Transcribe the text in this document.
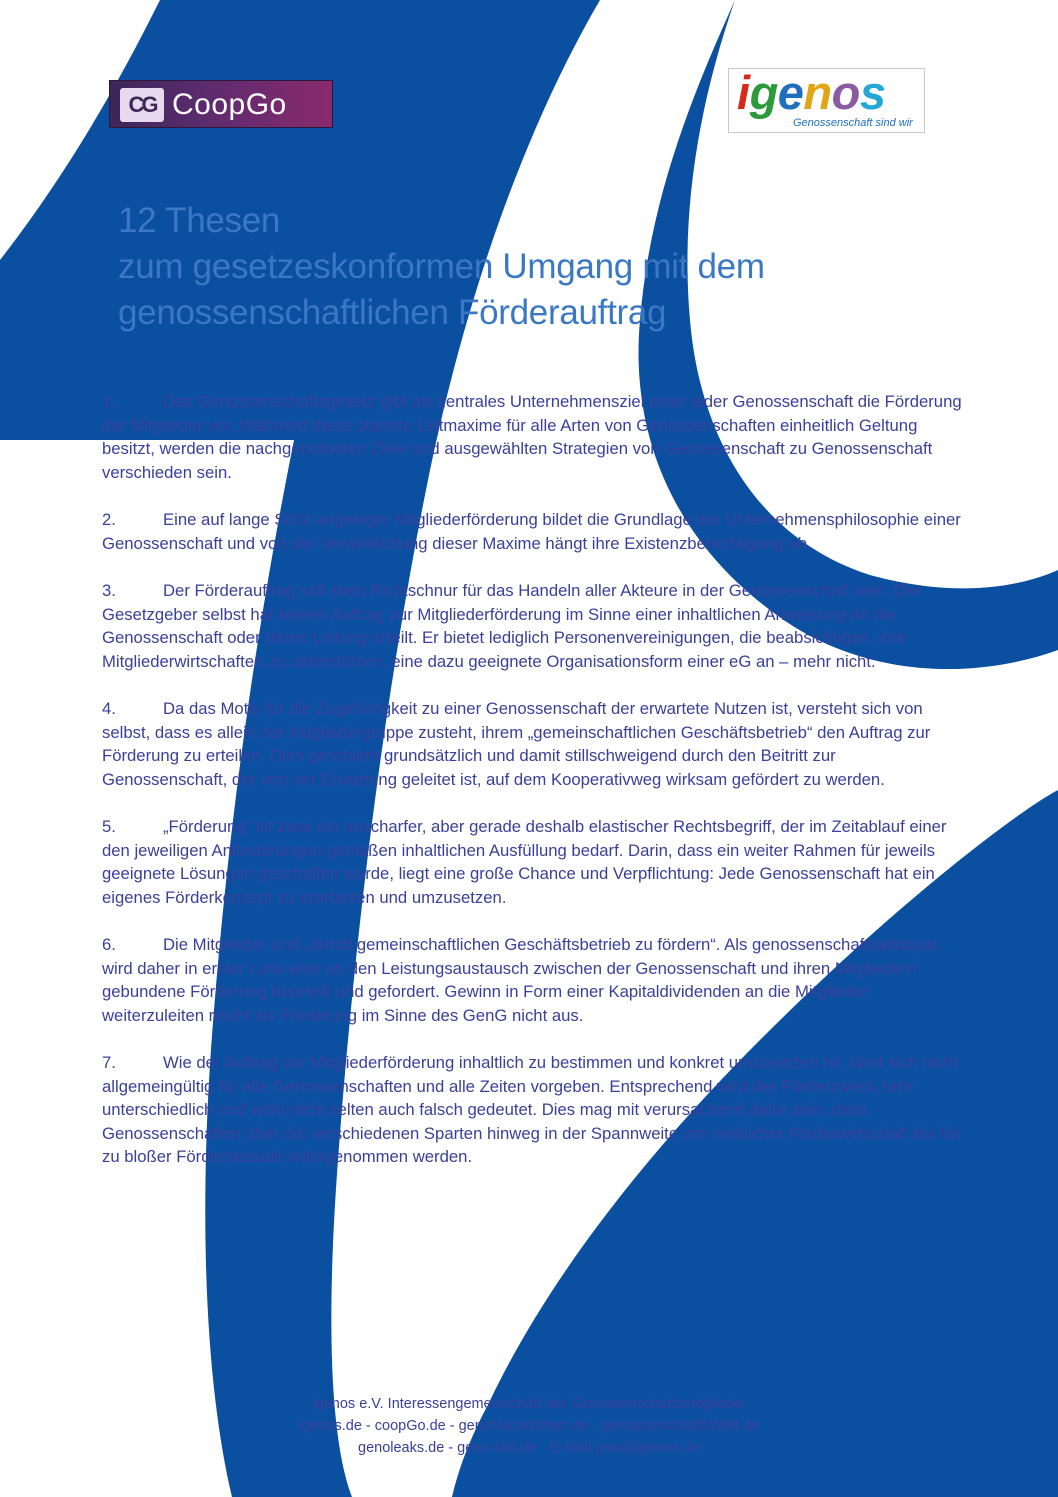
CG CoopGo	igenos
Genossenschaft sind wir
12 Thesen
zum gesetzeskonformen Umgang mit dem
genossenschaftlichen Förderauftrag
1.	Das Genossenschaftsgesetz gibt als zentrales Unternehmensziel einer jeder Genossenschaft die Förderung der Mitglieder vor. Während diese oberste Leitmaxime für alle Arten von Genossenschaften einheitlich Geltung besitzt, werden die nachgeordneten Ziele und ausgewählten Strategien von Genossenschaft zu Genossenschaft verschieden sein.
2.	Eine auf lange Sicht angelegte Mitgliederförderung bildet die Grundlage der Unternehmensphilosophie einer Genossenschaft und von der Verwirklichung dieser Maxime hängt ihre Existenzberechtigung ab.
3.	Der Förderauftrag soll stets Richtschnur für das Handeln aller Akteure in der Genossenschaft sein. Der Gesetzgeber selbst hat keinen Auftrag zur Mitgliederförderung im Sinne einer inhaltlichen Anweisung an die Genossenschaft oder deren Leitung erteilt. Er bietet lediglich Personenvereinigungen, die beabsichtigen, ihre Mitgliederwirtschaften zu unterstützen, eine dazu geeignete Organisationsform einer eG an – mehr nicht.
4.	Da das Motiv für die Zugehörigkeit zu einer Genossenschaft der erwartete Nutzen ist, versteht sich von selbst, dass es allein der Mitgliedergruppe zusteht, ihrem „gemeinschaftlichen Geschäftsbetrieb“ den Auftrag zur Förderung zu erteilen. Dies geschieht grundsätzlich und damit stillschweigend durch den Beitritt zur Genossenschaft, der von der Erwartung geleitet ist, auf dem Kooperativweg wirksam gefördert zu werden.
5.	„Förderung“ ist zwar ein unscharfer, aber gerade deshalb elastischer Rechtsbegriff, der im Zeitablauf einer den jeweiligen Anforderungen gemäßen inhaltlichen Ausfüllung bedarf. Darin, dass ein weiter Rahmen für jeweils geeignete Lösungen geschaffen wurde, liegt eine große Chance und Verpflichtung: Jede Genossenschaft hat ein eigenes Förderkonzept zu erarbeiten und umzusetzen.
6.	Die Mitglieder sind „durch gemeinschaftlichen Geschäftsbetrieb zu fördern“. Als genossenschaftsadäquat wird daher in erster Linie eine an den Leistungsaustausch zwischen der Genossenschaft und ihren Mitgliedern gebundene Förderung beurteilt und gefordert. Gewinn in Form einer Kapitaldividenden an die Mitglieder weiterzuleiten reicht als Förderung im Sinne des GenG nicht aus.
7.	Wie der Auftrag zur Mitgliederförderung inhaltlich zu bestimmen und konkret umzusetzen ist, lässt sich nicht allgemeingültig für alle Genossenschaften und alle Zeiten vorgeben. Entsprechend wird der Förderzweck sehr unterschiedlich und wohl nicht selten auch falsch gedeutet. Dies mag mit verursachend dafür sein, dass Genossenschaften über die verschiedenen Sparten hinweg in der Spannweite von wirklicher Förderwirtschaft bis hin zu bloßer Förderfassade wahrgenommen werden.
igenos e.V. Interessengemeinschaft der Genossenschaftsmitglieder
igenos.de - coopGo.de - genoNachrichten.de - genossenschaftsWelt.de
genoleaks.de - geno-bild.de - E-Mail post@igenos.de
